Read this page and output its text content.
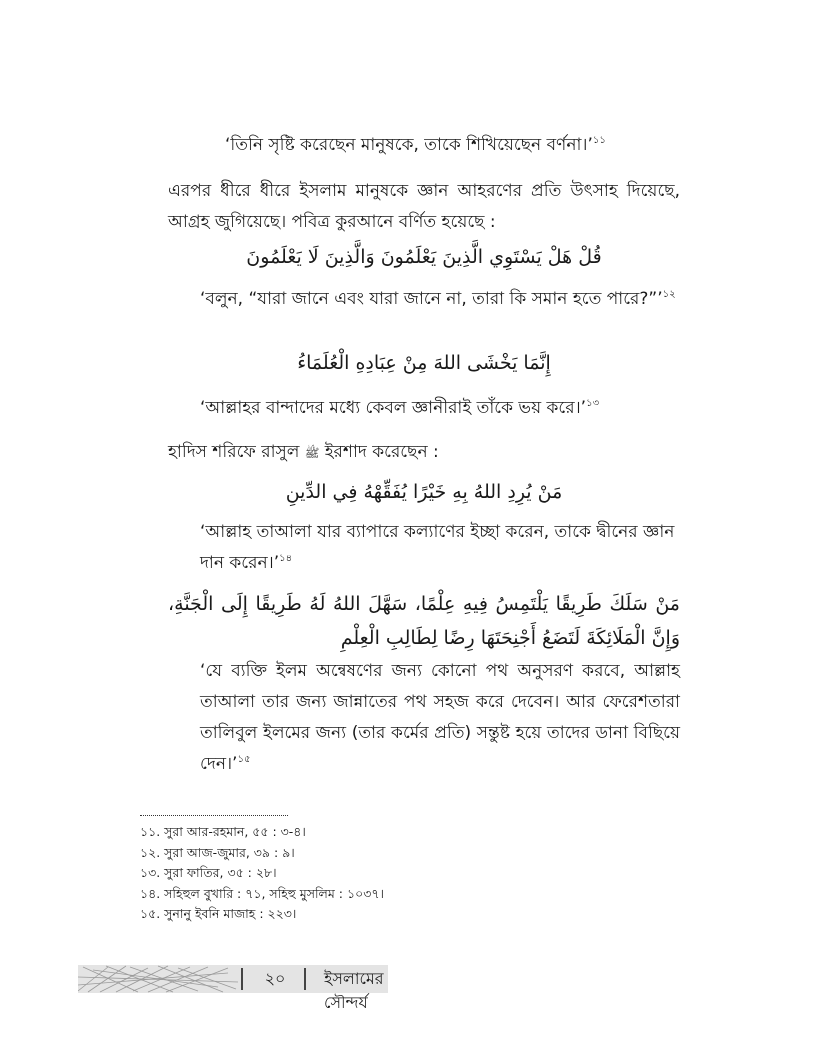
‘তিনি সৃষ্টি করেছেন মানুষকে, তাকে শিখিয়েছেন বর্ণনা।’$^{১১}$

এরপর ধীরে ধীরে ইসলাম মানুষকে জ্ঞান আহরণের প্রতি উৎসাহ দিয়েছে, আগ্রহ জুগিয়েছে। পবিত্র কুরআনে বর্ণিত হয়েছে :

قُلْ هَلْ يَسْتَوِي الَّذِينَ يَعْلَمُونَ وَالَّذِينَ لَا يَعْلَمُونَ

‘বলুন, “যারা জানে এবং যারা জানে না, তারা কি সমান হতে পারে?”’$^{১২}$

إِنَّمَا يَخْشَى اللهَ مِنْ عِبَادِهِ الْعُلَمَاءُ

‘আল্লাহর বান্দাদের মধ্যে কেবল জ্ঞানীরাই তাঁকে ভয় করে।’$^{১৩}$

হাদিস শরিফে রাসুল ﷺ ইরশাদ করেছেন :

مَنْ يُرِدِ اللهُ بِهِ خَيْرًا يُفَقِّهْهُ فِي الدِّينِ

‘আল্লাহ তাআলা যার ব্যাপারে কল্যাণের ইচ্ছা করেন, তাকে দ্বীনের জ্ঞান দান করেন।’$^{১৪}$

مَنْ سَلَكَ طَرِيقًا يَلْتَمِسُ فِيهِ عِلْمًا، سَهَّلَ اللهُ لَهُ طَرِيقًا إِلَى الْجَنَّةِ، وَإِنَّ الْمَلَائِكَةَ لَتَضَعُ أَجْنِحَتَهَا رِضًا لِطَالِبِ الْعِلْمِ

‘যে ব্যক্তি ইলম অন্বেষণের জন্য কোনো পথ অনুসরণ করবে, আল্লাহ তাআলা তার জন্য জান্নাতের পথ সহজ করে দেবেন। আর ফেরেশতারা তালিবুল ইলমের জন্য (তার কর্মের প্রতি) সন্তুষ্ট হয়ে তাদের ডানা বিছিয়ে দেন।’$^{১৫}$

১১. সুরা আর-রহমান, ৫৫ : ৩-৪।
১২. সুরা আজ-জুমার, ৩৯ : ৯।
১৩. সুরা ফাতির, ৩৫ : ২৮।
১৪. সহিহুল বুখারি : ৭১, সহিহু মুসলিম : ১০৩৭।
১৫. সুনানু ইবনি মাজাহ : ২২৩।
২০	ইসলামের সৌন্দর্য
